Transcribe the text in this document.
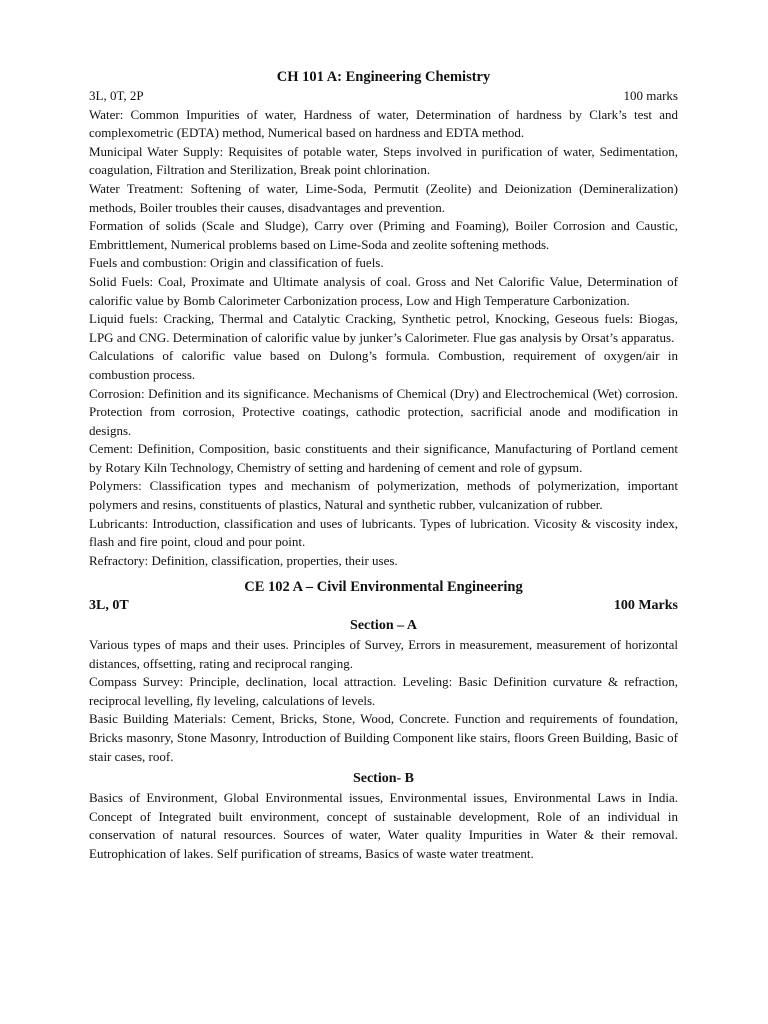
CH 101 A: Engineering Chemistry
3L, 0T, 2P	100 marks

Water: Common Impurities of water, Hardness of water, Determination of hardness by Clark’s test and complexometric (EDTA) method, Numerical based on hardness and EDTA method.

Municipal Water Supply: Requisites of potable water, Steps involved in purification of water, Sedimentation, coagulation, Filtration and Sterilization, Break point chlorination.

Water Treatment: Softening of water, Lime-Soda, Permutit (Zeolite) and Deionization (Demineralization) methods, Boiler troubles their causes, disadvantages and prevention.

Formation of solids (Scale and Sludge), Carry over (Priming and Foaming), Boiler Corrosion and Caustic, Embrittlement, Numerical problems based on Lime-Soda and zeolite softening methods.

Fuels and combustion: Origin and classification of fuels.

Solid Fuels: Coal, Proximate and Ultimate analysis of coal. Gross and Net Calorific Value, Determination of calorific value by Bomb Calorimeter Carbonization process, Low and High Temperature Carbonization.

Liquid fuels: Cracking, Thermal and Catalytic Cracking, Synthetic petrol, Knocking, Geseous fuels: Biogas, LPG and CNG. Determination of calorific value by junker’s Calorimeter. Flue gas analysis by Orsat’s apparatus.

Calculations of calorific value based on Dulong’s formula. Combustion, requirement of oxygen/air in combustion process.

Corrosion: Definition and its significance. Mechanisms of Chemical (Dry) and Electrochemical (Wet) corrosion. Protection from corrosion, Protective coatings, cathodic protection, sacrificial anode and modification in designs.

Cement: Definition, Composition, basic constituents and their significance, Manufacturing of Portland cement by Rotary Kiln Technology, Chemistry of setting and hardening of cement and role of gypsum.

Polymers: Classification types and mechanism of polymerization, methods of polymerization, important polymers and resins, constituents of plastics, Natural and synthetic rubber, vulcanization of rubber.

Lubricants: Introduction, classification and uses of lubricants. Types of lubrication. Vicosity & viscosity index, flash and fire point, cloud and pour point.

Refractory: Definition, classification, properties, their uses.

CE 102 A – Civil Environmental Engineering
3L, 0T	100 Marks
Section – A

Various types of maps and their uses. Principles of Survey, Errors in measurement, measurement of horizontal distances, offsetting, rating and reciprocal ranging.

Compass Survey: Principle, declination, local attraction. Leveling: Basic Definition curvature & refraction, reciprocal levelling, fly leveling, calculations of levels.

Basic Building Materials: Cement, Bricks, Stone, Wood, Concrete. Function and requirements of foundation, Bricks masonry, Stone Masonry, Introduction of Building Component like stairs, floors Green Building, Basic of stair cases, roof.

Section- B

Basics of Environment, Global Environmental issues, Environmental issues, Environmental Laws in India. Concept of Integrated built environment, concept of sustainable development, Role of an individual in conservation of natural resources. Sources of water, Water quality Impurities in Water & their removal. Eutrophication of lakes. Self purification of streams, Basics of waste water treatment.
